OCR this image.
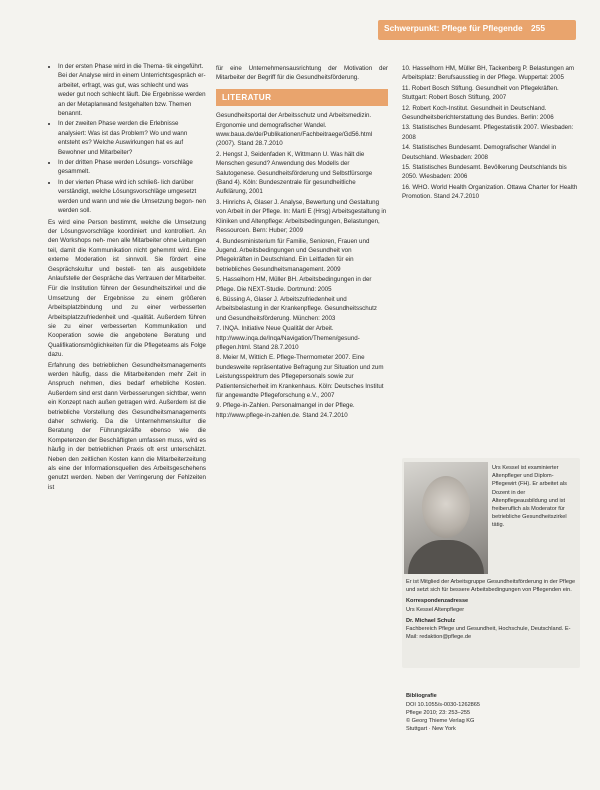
Schwerpunkt: Pflege für Pflegende 255
• In der ersten Phase wird in die Thema- tik eingeführt. Bei der Analyse wird in einem Unterrichtsgespräch er- arbeitet, erfragt, was gut, was schlecht und was weder gut noch schlecht läuft. Die Ergebnisse werden an der Metaplanwand festgehalten bzw. Themen benannt.
• In der zweiten Phase werden die Erlebnisse analysiert: Was ist das Problem? Wo und wann entsteht es? Welche Auswirkungen hat es auf Bewohner und Mitarbeiter?
• In der dritten Phase werden Lösungs- vorschläge gesammelt.
• In der vierten Phase wird ich schließ- lich darüber verständigt, welche Lösungsvorschläge umgesetzt werden und wann und wie die Umsetzung begon- nen werden soll.

Es wird eine Person bestimmt, welche die Umsetzung der Lösungsvorschläge koordiniert und kontrolliert. An den Workshops neh- men alle Mitarbeiter ohne Leitungen teil, damit die Kommunikation nicht gehemmt wird. Eine externe Moderation ist sinnvoll. Sie fördert eine Gesprächskultur und bestell- ten als ausgebildete Anlaufstelle der Gespräche das Vertrauen der Mitarbeiter.

Für die Institution führen der Gesundheitszirkel und die Umsetzung der Ergebnisse zu einem größeren Arbeitsplatzbindung und zu einer verbesserten Arbeitsplatzzufriedenheit und -qualität. Außerdem führen sie zu einer verbesserten Kommunikation und Kooperation sowie die angebotene Beratung und Qualifikationsmöglichkeiten für die Pflegeteams als Folge dazu.

Erfahrung des betrieblichen Gesundheitsmanagements werden häufig, dass die Mitarbeitenden mehr Zeit in Anspruch nehmen, dies bedarf erhebliche Kosten. Außerdem sind erst dann Verbesserungen sichtbar, wenn ein Konzept nach außen getragen wird. Außerdem ist die betriebliche Vorstellung des Gesundheitsmanagements daher schwierig. Da die Unternehmenskultur die Beratung der Führungskräfte ebenso wie die Kompetenzen der Beschäftigten umfassen muss, wird es häufig in der betrieblichen Praxis oft erst unterschätzt. Neben den zeitlichen Kosten kann die Mitarbeiterzeitung als eine der Informationsquellen des Arbeitsgeschehens genutzt werden. Neben der Verringerung der Fehlzeiten ist

für eine Unternehmensausrichtung der Motivation der Mitarbeiter der Begriff für die Gesundheitsförderung.

LITERATUR

Gesundheitsportal der Arbeitsschutz und Arbeitsmedizin. Ergonomie und demografischer Wandel. www.baua.de/de/Publikationen/Fachbeitraege/Gd56.html (2007). Stand 28.7.2010

2. Hengst J, Seidenfaden K, Wittmann U. Was hält die Menschen gesund? Anwendung des Modells der Salutogenese. Gesundheitsförderung und Selbstfürsorge (Band 4). Köln: Bundeszentrale für gesundheitliche Aufklärung, 2001

3. Hinrichs A, Glaser J. Analyse, Bewertung und Gestaltung von Arbeit in der Pflege. In: Marti E (Hrsg) Arbeitsgestaltung in Kliniken und Altenpflege: Arbeitsbedingungen, Belastungen, Ressourcen. Bern: Huber; 2009

4. Bundesministerium für Familie, Senioren, Frauen und Jugend. Arbeitsbedingungen und Gesundheit von Pflegekräften in Deutschland. Ein Leitfaden für ein betriebliches Gesundheitsmanagement. 2009

5. Hasselhorn HM, Müller BH. Arbeitsbedingungen in der Pflege. Die NEXT-Studie. Dortmund: 2005

6. Büssing A, Glaser J. Arbeitszufriedenheit und Arbeitsbelastung in der Krankenpflege. Gesundheitsschutz und Gesundheitsförderung. München: 2003

7. INQA. Initiative Neue Qualität der Arbeit. http://www.inqa.de/Inqa/Navigation/Themen/gesund-pflegen.html. Stand 28.7.2010

8. Meier M, Wittich E. Pflege-Thermometer 2007. Eine bundesweite repräsentative Befragung zur Situation und zum Leistungsspektrum des Pflegepersonals sowie zur Patientensicherheit im Krankenhaus. Köln: Deutsches Institut für angewandte Pflegeforschung e.V., 2007

9. Pflege-in-Zahlen. Personalmangel in der Pflege. http://www.pflege-in-zahlen.de. Stand 24.7.2010

10. Hasselhorn HM, Müller BH, Tackenberg P. Belastungen am Arbeitsplatz: Berufsausstieg in der Pflege. Wuppertal: 2005

11. Robert Bosch Stiftung. Gesundheit von Pflegekräften. Stuttgart: Robert Bosch Stiftung, 2007

12. Robert Koch-Institut. Gesundheit in Deutschland. Gesundheitsberichterstattung des Bundes. Berlin: 2006

13. Statistisches Bundesamt. Pflegestatistik 2007. Wiesbaden: 2008

14. Statistisches Bundesamt. Demografischer Wandel in Deutschland. Wiesbaden: 2008

15. Statistisches Bundesamt. Bevölkerung Deutschlands bis 2050. Wiesbaden: 2006

16. WHO. World Health Organization. Ottawa Charter for Health Promotion. Stand 24.7.2010

Urs Kessel ist examinierter Altenpfleger und Diplom-Pflegewirt (FH). Er arbeitet als Dozent in der Altenpflegeausbildung und ist freiberuflich als Moderator für betriebliche Gesundheitszirkel tätig.
Er ist Mitglied der Arbeitsgruppe Gesundheitsförderung in der Pflege und setzt sich für bessere Arbeitsbedingungen von Pflegenden ein.
Korrespondenzadresse
Urs Kessel Altenpfleger
Dr. Michael Schulz
Fachbereich Pflege und Gesundheit, Hochschule, Deutschland. E-Mail: redaktion@pflege.de
Bibliografie
DOI 10.1055/s-0030-1262865
Pflege 2010; 23: 253–255
© Georg Thieme Verlag KG
Stuttgart · New York
